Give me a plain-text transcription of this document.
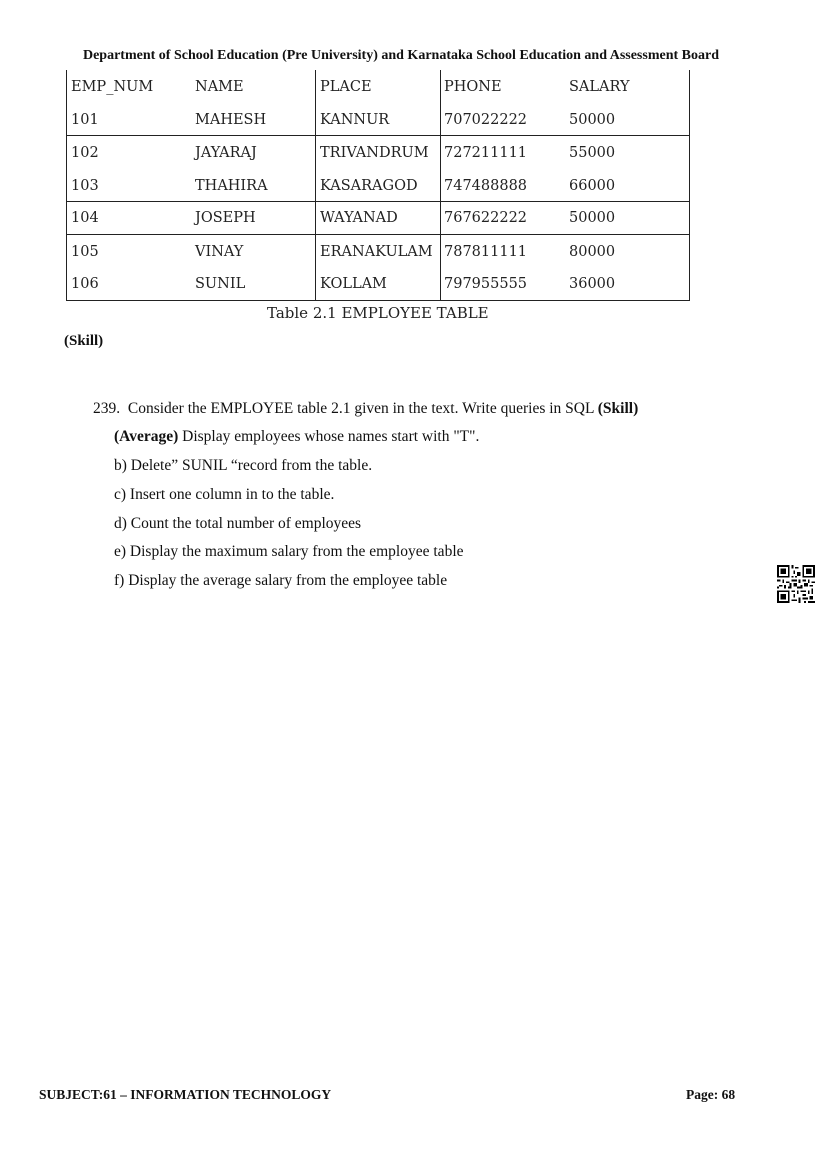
Department of School Education (Pre University) and Karnataka School Education and Assessment Board
EMP_NUM	NAME	PLACE	PHONE	SALARY
101	MAHESH	KANNUR	707022222	50000
102	JAYARAJ	TRIVANDRUM 727211111	55000
103	THAHIRA	KASARAGOD 747488888	66000
104	JOSEPH	WAYANAD	767622222	50000
105	VINAY	ERANAKULAM 787811111	80000
106	SUNIL	KOLLAM	797955555	36000
Table 2.1 EMPLOYEE TABLE
(Skill)
239. Consider the EMPLOYEE table 2.1 given in the text. Write queries in SQL (Skill)
(Average) Display employees whose names start with "T".
b) Delete” SUNIL “record from the table.
c) Insert one column in to the table.
d) Count the total number of employees
e) Display the maximum salary from the employee table
f) Display the average salary from the employee table
SUBJECT:61 – INFORMATION TECHNOLOGY	Page: 68
